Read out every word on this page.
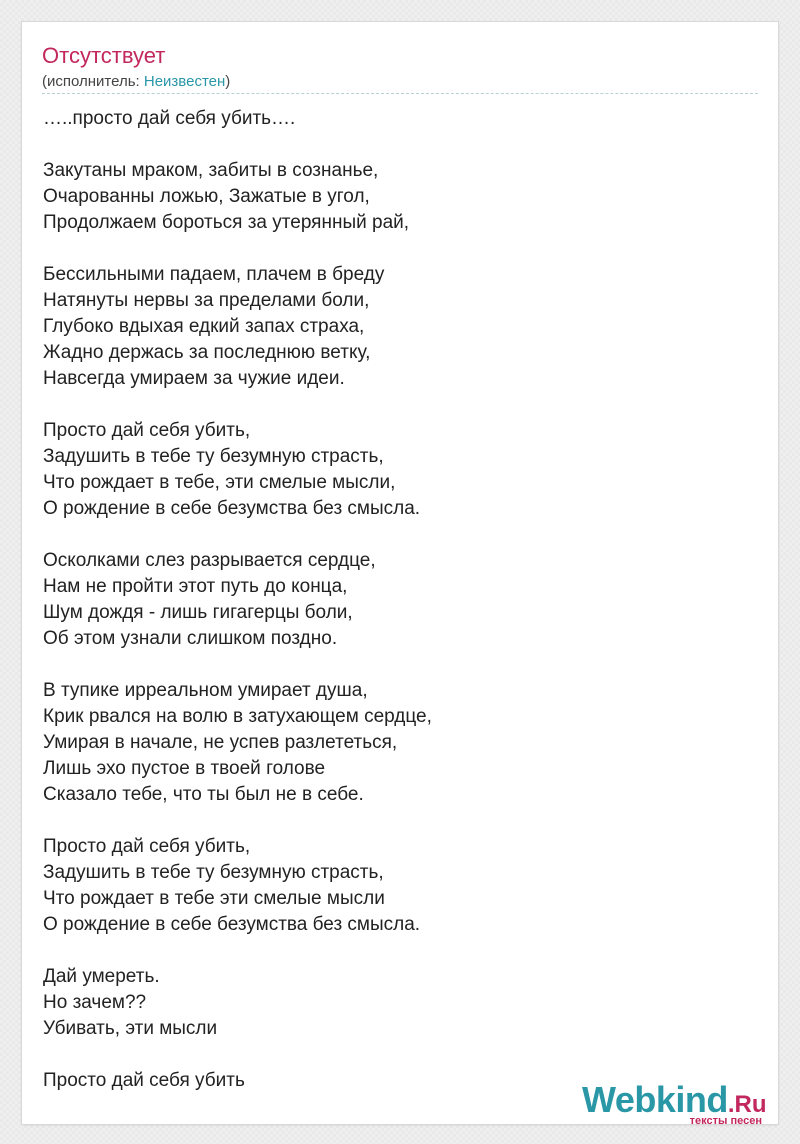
Отсутствует
(исполнитель: Неизвестен)
…..просто дай себя убить….
Закутаны мраком, забиты в сознанье,
Очарованны ложью, Зажатые в угол,
Продолжаем бороться за утерянный рай,
Бессильными падаем, плачем в бреду
Натянуты нервы за пределами боли,
Глубоко вдыхая едкий запах страха,
Жадно держась за последнюю ветку,
Навсегда умираем за чужие идеи.
Просто дай себя убить,
Задушить в тебе ту безумную страсть,
Что рождает в тебе, эти смелые мысли,
О рождение в себе безумства без смысла.
Осколками слез разрывается сердце,
Нам не пройти этот путь до конца,
Шум дождя - лишь гигагерцы боли,
Об этом узнали слишком поздно.
В тупике ирреальном умирает душа,
Крик рвался на волю в затухающем сердце,
Умирая в начале, не успев разлететься,
Лишь эхо пустое в твоей голове
Сказало тебе, что ты был не в себе.
Просто дай себя убить,
Задушить в тебе ту безумную страсть,
Что рождает в тебе эти смелые мысли
О рождение в себе безумства без смысла.
Дай умереть.
Но зачем??
Убивать, эти мысли
Просто дай себя убить	Webkind.Ru
тексты песен
